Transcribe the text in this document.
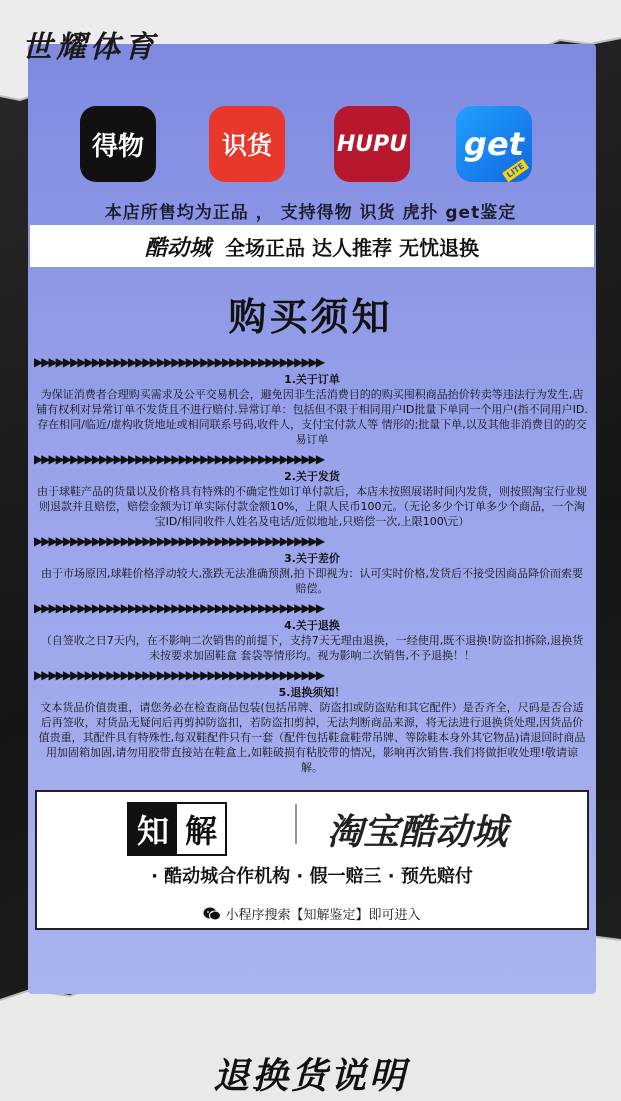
世耀体育
得物	识货	HUPU get
LITE
本店所售均为正品 ， 支持得物 识货 虎扑 get鉴定
酷动城 全场正品 达人推荐 无忧退换
购买须知
▶▶▶▶▶▶▶▶▶▶▶▶▶▶▶▶▶▶▶▶▶▶▶▶▶▶▶▶▶▶▶▶▶▶▶▶▶▶▶▶
1.关于订单
为保证消费者合理购买需求及公平交易机会，避免因非生活消费目的的购买囤积商品抬价转卖等违法行为发生,店铺有权利对异常订单不发货且不进行赔付.异常订单：包括但不限于相同用户ID批量下单同一个用户(指不同用户ID.存在相同/临近/虚构收货地址或相同联系号码,收件人，支付宝付款人等 情形的;批量下单,以及其他非消费目的的交易订单
▶▶▶▶▶▶▶▶▶▶▶▶▶▶▶▶▶▶▶▶▶▶▶▶▶▶▶▶▶▶▶▶▶▶▶▶▶▶▶▶
2.关于发货
由于球鞋产品的货量以及价格具有特殊的不确定性如订单付款后，本店未按照展诺时间内发货，则按照淘宝行业规则退款并且赔偿，赔偿金额为订单实际付款金额10%，上限人民币100元。（无论多少个订单多少个商品，一个淘宝ID/相同收件人姓名及电话/近似地址,只赔偿一次,上限100\元）
▶▶▶▶▶▶▶▶▶▶▶▶▶▶▶▶▶▶▶▶▶▶▶▶▶▶▶▶▶▶▶▶▶▶▶▶▶▶▶▶
3.关于差价
由于市场原因,球鞋价格浮动较大,涨跌无法准确预测,拍下即视为：认可实时价格,发货后不接受因商品降价而索要赔偿。
▶▶▶▶▶▶▶▶▶▶▶▶▶▶▶▶▶▶▶▶▶▶▶▶▶▶▶▶▶▶▶▶▶▶▶▶▶▶▶▶
4.关于退换
（自签收之日7天内，在不影响二次销售的前提下，支持7天无理由退换，一经使用,既不退换!防盗扣拆除,退换货未按要求加固鞋盒 套袋等情形均。视为影响二次销售,不予退换！！
▶▶▶▶▶▶▶▶▶▶▶▶▶▶▶▶▶▶▶▶▶▶▶▶▶▶▶▶▶▶▶▶▶▶▶▶▶▶▶▶
5.退换须知！
文本货品价值贵重，请您务必在检查商品包装(包括吊牌、防盗扣或防盗贴和其它配件）是否齐全，尺码是否合适后再签收，对货品无疑问后再剪掉防盗扣，若防盗扣剪掉，无法判断商品来源，将无法进行退换货处理,因货品价值贵重，其配件具有特殊性,每双鞋配件只有一套（配件包括鞋盒鞋带吊牌、等除鞋本身外其它物品)请退回时商品用加固箱加固,请勿用胶带直接站在鞋盒上,如鞋破损有粘胶带的情况，影响再次销售.我们将做拒收处理!敬请谅解。
知 解	淘宝酷动城
· 酷动城合作机构 · 假一赔三 · 预先赔付
小程序搜索【知解鉴定】即可进入
退换货说明
